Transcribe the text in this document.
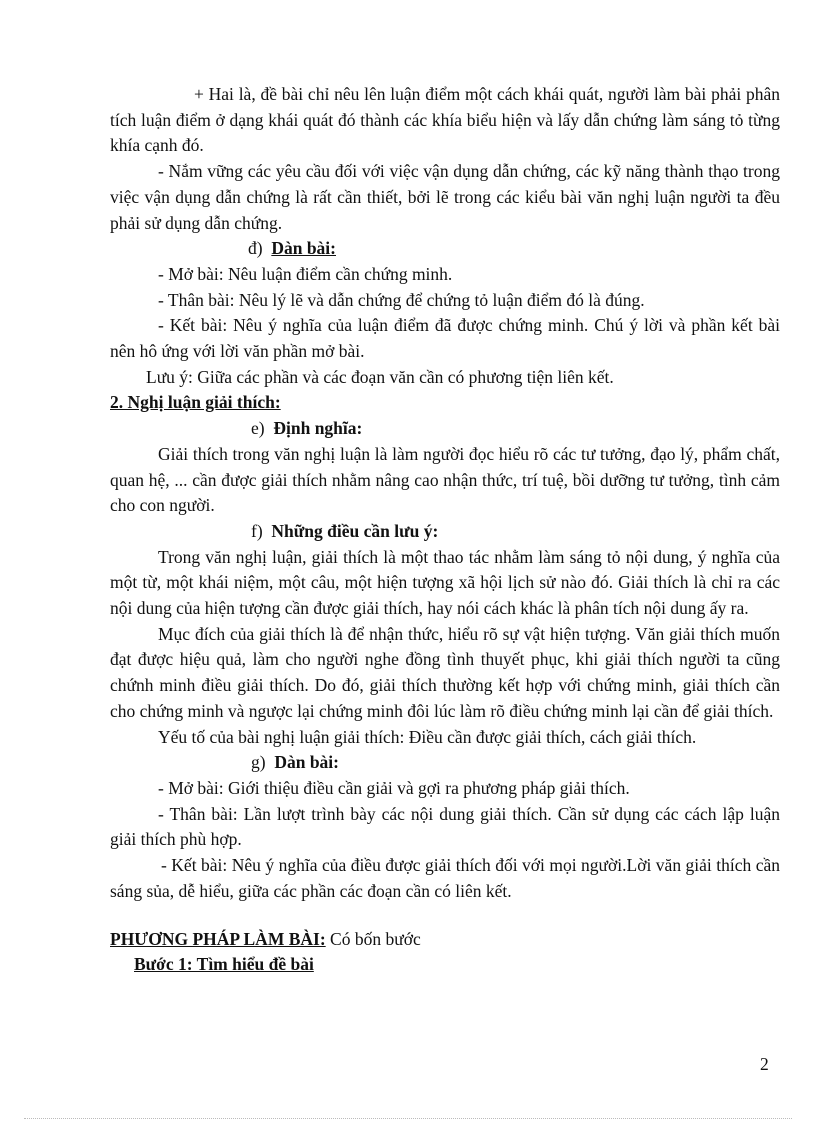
+ Hai là, đề bài chỉ nêu lên luận điểm một cách khái quát, người làm bài phải phân tích luận điểm ở dạng khái quát đó thành các khía biểu hiện và lấy dẫn chứng làm sáng tỏ từng khía cạnh đó.

- Nắm vững các yêu cầu đối với việc vận dụng dẫn chứng, các kỹ năng thành thạo trong việc vận dụng dẫn chứng là rất cần thiết, bởi lẽ trong các kiểu bài văn nghị luận người ta đều phải sử dụng dẫn chứng.

đ) Dàn bài:

- Mở bài: Nêu luận điểm cần chứng minh.

- Thân bài: Nêu lý lẽ và dẫn chứng để chứng tỏ luận điểm đó là đúng.

- Kết bài: Nêu ý nghĩa của luận điểm đã được chứng minh. Chú ý lời và phần kết bài nên hô ứng với lời văn phần mở bài.

Lưu ý: Giữa các phần và các đoạn văn cần có phương tiện liên kết.

2. Nghị luận giải thích:

e) Định nghĩa:

Giải thích trong văn nghị luận là làm người đọc hiểu rõ các tư tưởng, đạo lý, phẩm chất, quan hệ, ... cần được giải thích nhằm nâng cao nhận thức, trí tuệ, bồi dưỡng tư tưởng, tình cảm cho con người.

f) Những điều cần lưu ý:

Trong văn nghị luận, giải thích là một thao tác nhằm làm sáng tỏ nội dung, ý nghĩa của một từ, một khái niệm, một câu, một hiện tượng xã hội lịch sử nào đó. Giải thích là chỉ ra các nội dung của hiện tượng cần được giải thích, hay nói cách khác là phân tích nội dung ấy ra.

Mục đích của giải thích là để nhận thức, hiểu rõ sự vật hiện tượng. Văn giải thích muốn đạt được hiệu quả, làm cho người nghe đồng tình thuyết phục, khi giải thích người ta cũng chứnh minh điều giải thích. Do đó, giải thích thường kết hợp với chứng minh, giải thích cần cho chứng minh và ngược lại chứng minh đôi lúc làm rõ điều chứng minh lại cần để giải thích.

Yếu tố của bài nghị luận giải thích: Điều cần được giải thích, cách giải thích.

g) Dàn bài:

- Mở bài: Giới thiệu điều cần giải và gợi ra phương pháp giải thích.

- Thân bài: Lần lượt trình bày các nội dung giải thích. Cần sử dụng các cách lập luận giải thích phù hợp.

- Kết bài: Nêu ý nghĩa của điều được giải thích đối với mọi người.Lời văn giải thích cần sáng sủa, dễ hiểu, giữa các phần các đoạn cần có liên kết.

PHƯƠNG PHÁP LÀM BÀI: Có bốn bước

Bước 1: Tìm hiểu đề bài

2
